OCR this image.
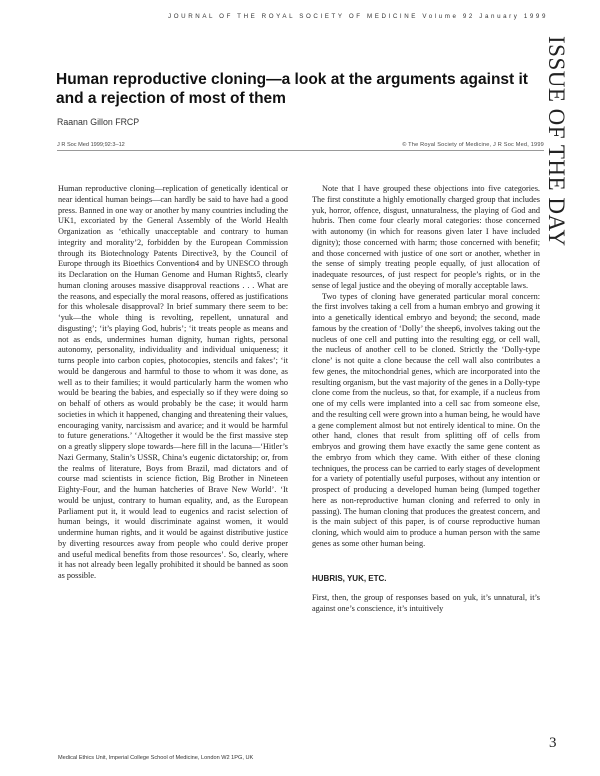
JOURNAL OF THE ROYAL SOCIETY OF MEDICINE Volume 92 January 1999
Human reproductive cloning—a look at the arguments against it and a rejection of most of them
Raanan Gillon FRCP
J R Soc Med 1999;92:3–12	© The Royal Society of Medicine, J R Soc Med, 1999

Human reproductive cloning—replication of genetically identical or near identical human beings—can hardly be said to have had a good press. Banned in one way or another by many countries including the UK1, excoriated by the General Assembly of the World Health Organization as ‘ethically unacceptable and contrary to human integrity and morality’2, forbidden by the European Commission through its Biotechnology Patents Directive3, by the Council of Europe through its Bioethics Convention4 and by UNESCO through its Declaration on the Human Genome and Human Rights5, clearly human cloning arouses massive disapproval reactions . . . What are the reasons, and especially the moral reasons, offered as justifications for this wholesale disapproval? In brief summary there seem to be: ‘yuk—the whole thing is revolting, repellent, unnatural and disgusting’; ‘it’s playing God, hubris’; ‘it treats people as means and not as ends, undermines human dignity, human rights, personal autonomy, personality, individuality and individual uniqueness; it turns people into carbon copies, photocopies, stencils and fakes’; ‘it would be dangerous and harmful to those to whom it was done, as well as to their families; it would particularly harm the women who would be bearing the babies, and especially so if they were doing so on behalf of others as would probably be the case; it would harm societies in which it happened, changing and threatening their values, encouraging vanity, narcissism and avarice; and it would be harmful to future generations.’ ‘Altogether it would be the first massive step on a greatly slippery slope towards—here fill in the lacuna—‘Hitler’s Nazi Germany, Stalin’s USSR, China’s eugenic dictatorship; or, from the realms of literature, Boys from Brazil, mad dictators and of course mad scientists in science fiction, Big Brother in Nineteen Eighty-Four, and the human hatcheries of Brave New World’. ‘It would be unjust, contrary to human equality, and, as the European Parliament put it, it would lead to eugenics and racist selection of human beings, it would discriminate against women, it would undermine human rights, and it would be against distributive justice by diverting resources away from people who could derive proper and useful medical benefits from those resources’. So, clearly, where it has not already been legally prohibited it should be banned as soon as possible.

Note that I have grouped these objections into five categories. The first constitute a highly emotionally charged group that includes yuk, horror, offence, disgust, unnaturalness, the playing of God and hubris. Then come four clearly moral categories: those concerned with autonomy (in which for reasons given later I have included dignity); those concerned with harm; those concerned with benefit; and those concerned with justice of one sort or another, whether in the sense of simply treating people equally, of just allocation of inadequate resources, of just respect for people’s rights, or in the sense of legal justice and the obeying of morally acceptable laws.

Two types of cloning have generated particular moral concern: the first involves taking a cell from a human embryo and growing it into a genetically identical embryo and beyond; the second, made famous by the creation of ‘Dolly’ the sheep6, involves taking out the nucleus of one cell and putting into the resulting egg, or cell wall, the nucleus of another cell to be cloned. Strictly the ‘Dolly-type clone’ is not quite a clone because the cell wall also contributes a few genes, the mitochondrial genes, which are incorporated into the resulting organism, but the vast majority of the genes in a Dolly-type clone come from the nucleus, so that, for example, if a nucleus from one of my cells were implanted into a cell sac from someone else, and the resulting cell were grown into a human being, he would have a gene complement almost but not entirely identical to mine. On the other hand, clones that result from splitting off of cells from embryos and growing them have exactly the same gene content as the embryo from which they came. With either of these cloning techniques, the process can be carried to early stages of development for a variety of potentially useful purposes, without any intention or prospect of producing a developed human being (lumped together here as non-reproductive human cloning and referred to only in passing). The human cloning that produces the greatest concern, and is the main subject of this paper, is of course reproductive human cloning, which would aim to produce a human person with the same genes as some other human being.

HUBRIS, YUK, ETC.

First, then, the group of responses based on yuk, it’s unnatural, it’s against one’s conscience, it’s intuitively

Medical Ethics Unit, Imperial College School of Medicine, London W2 1PG, UK
ISSUE OF THE DAY
3
